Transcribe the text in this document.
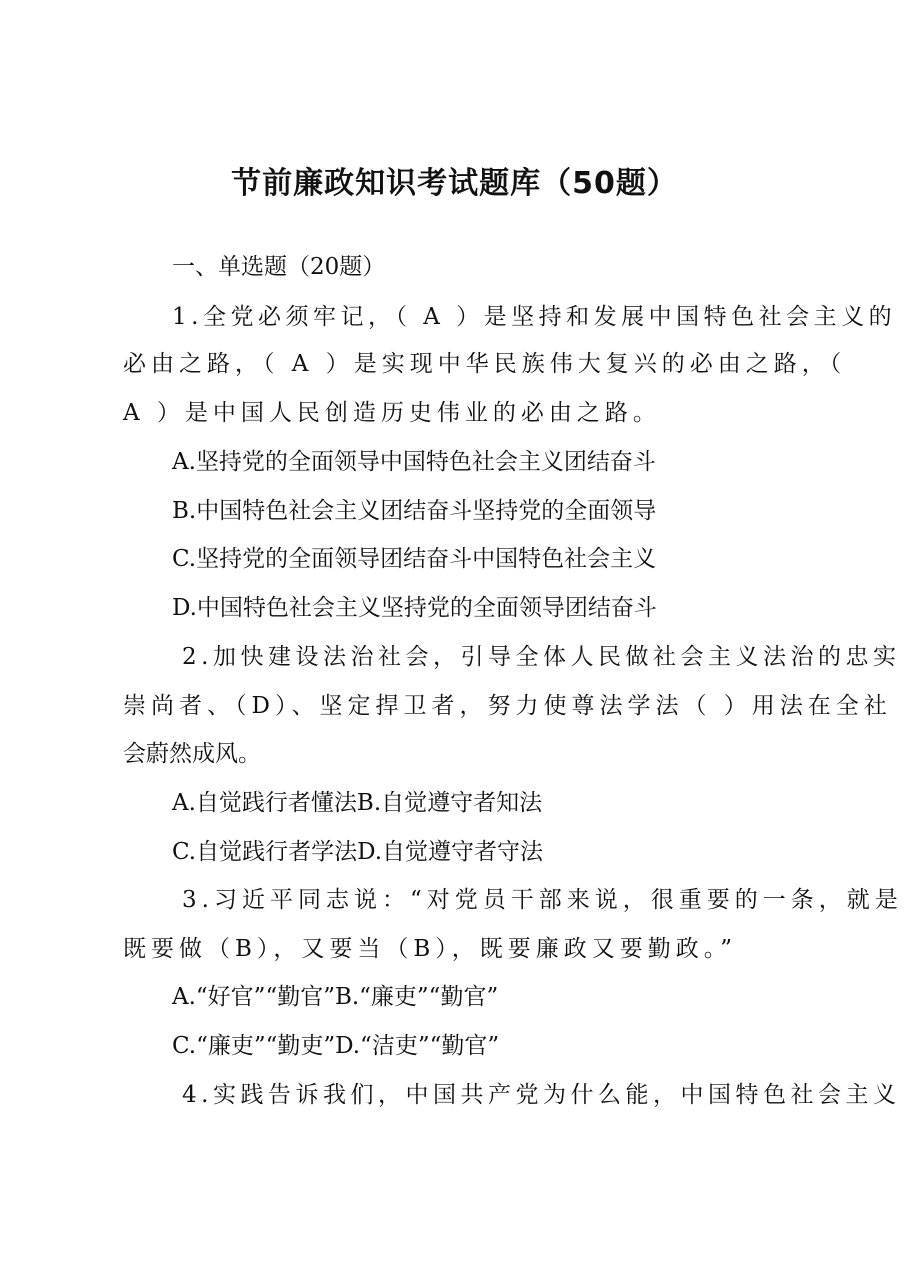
节前廉政知识考试题库（50题）
一、单选题（20题）
1.全党必须牢记，（ A ）是坚持和发展中国特色社会主义的
必由之路，（ A ）是实现中华民族伟大复兴的必由之路，（
A ）是中国人民创造历史伟业的必由之路。
A.坚持党的全面领导中国特色社会主义团结奋斗
B.中国特色社会主义团结奋斗坚持党的全面领导
C.坚持党的全面领导团结奋斗中国特色社会主义
D.中国特色社会主义坚持党的全面领导团结奋斗
2.加快建设法治社会，引导全体人民做社会主义法治的忠实
崇尚者、（D）、坚定捍卫者，努力使尊法学法（ ）用法在全社
会蔚然成风。
A.自觉践行者懂法B.自觉遵守者知法
C.自觉践行者学法D.自觉遵守者守法
3.习近平同志说：“对党员干部来说，很重要的一条，就是
既要做（B），又要当（B），既要廉政又要勤政。”
A.“好官”“勤官”B.“廉吏”“勤官”
C.“廉吏”“勤吏”D.“洁吏”“勤官”
4.实践告诉我们，中国共产党为什么能，中国特色社会主义
